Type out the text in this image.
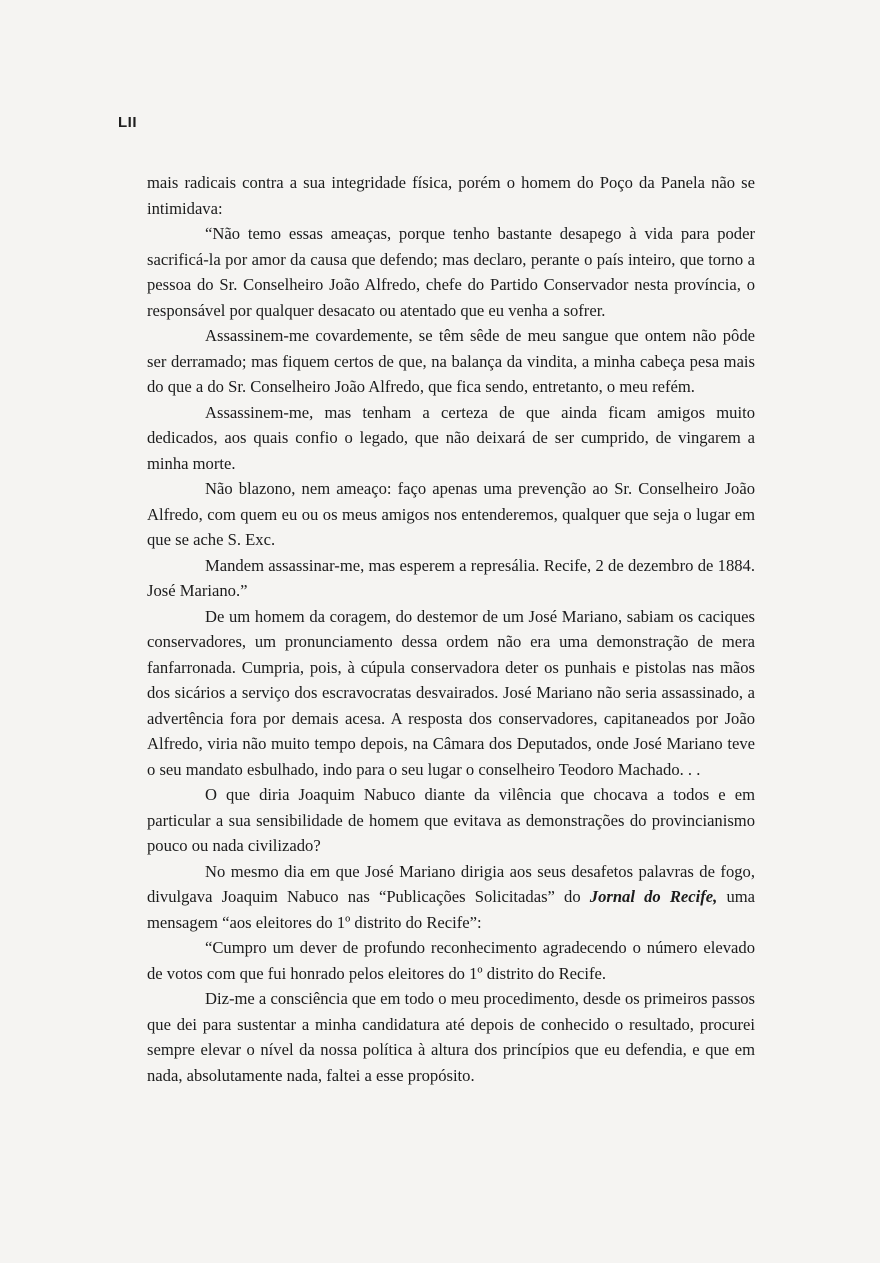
LII

mais radicais contra a sua integridade física, porém o homem do Poço da Panela não se intimidava:

“Não temo essas ameaças, porque tenho bastante desapego à vida para poder sacrificá-la por amor da causa que defendo; mas declaro, perante o país inteiro, que torno a pessoa do Sr. Conselheiro João Alfredo, chefe do Partido Conservador nesta província, o responsável por qualquer desacato ou atentado que eu venha a sofrer.

Assassinem-me covardemente, se têm sêde de meu sangue que ontem não pôde ser derramado; mas fiquem certos de que, na balança da vindita, a minha cabeça pesa mais do que a do Sr. Conselheiro João Alfredo, que fica sendo, entretanto, o meu refém.

Assassinem-me, mas tenham a certeza de que ainda ficam amigos muito dedicados, aos quais confio o legado, que não deixará de ser cumprido, de vingarem a minha morte.

Não blazono, nem ameaço: faço apenas uma prevenção ao Sr. Conselheiro João Alfredo, com quem eu ou os meus amigos nos entenderemos, qualquer que seja o lugar em que se ache S. Exc.

Mandem assassinar-me, mas esperem a represália. Recife, 2 de dezembro de 1884. José Mariano.”

De um homem da coragem, do destemor de um José Mariano, sabiam os caciques conservadores, um pronunciamento dessa ordem não era uma demonstração de mera fanfarronada. Cumpria, pois, à cúpula conservadora deter os punhais e pistolas nas mãos dos sicários a serviço dos escravocratas desvairados. José Mariano não seria assassinado, a advertência fora por demais acesa. A resposta dos conservadores, capitaneados por João Alfredo, viria não muito tempo depois, na Câmara dos Deputados, onde José Mariano teve o seu mandato esbulhado, indo para o seu lugar o conselheiro Teodoro Machado. . .

O que diria Joaquim Nabuco diante da vilência que chocava a todos e em particular a sua sensibilidade de homem que evitava as demonstrações do provincianismo pouco ou nada civilizado?

No mesmo dia em que José Mariano dirigia aos seus desafetos palavras de fogo, divulgava Joaquim Nabuco nas “Publicações Solicitadas” do Jornal do Recife, uma mensagem “aos eleitores do 1º distrito do Recife”:

“Cumpro um dever de profundo reconhecimento agradecendo o número elevado de votos com que fui honrado pelos eleitores do 1º distrito do Recife.

Diz-me a consciência que em todo o meu procedimento, desde os primeiros passos que dei para sustentar a minha candidatura até depois de conhecido o resultado, procurei sempre elevar o nível da nossa política à altura dos princípios que eu defendia, e que em nada, absolutamente nada, faltei a esse propósito.
